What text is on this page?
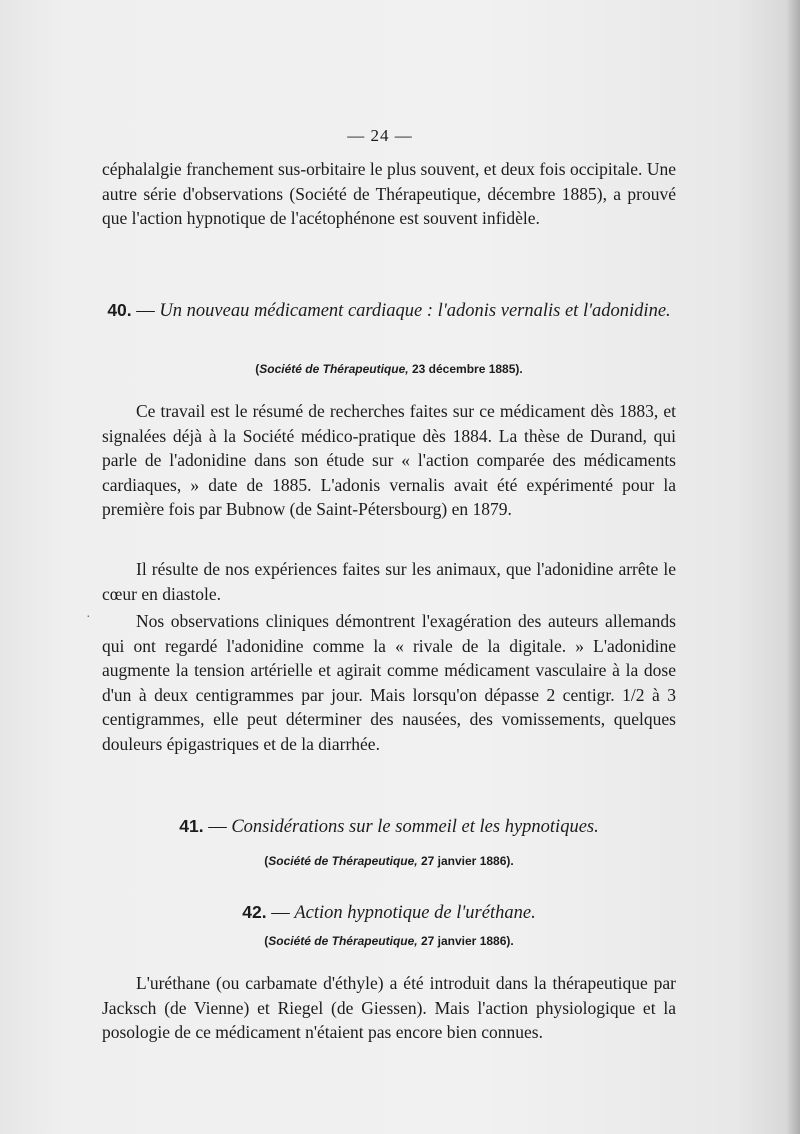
— 24 —

céphalalgie franchement sus-orbitaire le plus souvent, et deux fois occipitale. Une autre série d'observations (Société de Thérapeutique, décembre 1885), a prouvé que l'action hypnotique de l'acétophénone est souvent infidèle.

40. — Un nouveau médicament cardiaque : l'adonis vernalis et l'adonidine.

(Société de Thérapeutique, 23 décembre 1885).

Ce travail est le résumé de recherches faites sur ce médicament dès 1883, et signalées déjà à la Société médico-pratique dès 1884. La thèse de Durand, qui parle de l'adonidine dans son étude sur « l'action comparée des médicaments cardiaques, » date de 1885. L'adonis vernalis avait été expérimenté pour la première fois par Bubnow (de Saint-Pétersbourg) en 1879.

Il résulte de nos expériences faites sur les animaux, que l'adonidine arrête le cœur en diastole.

Nos observations cliniques démontrent l'exagération des auteurs allemands qui ont regardé l'adonidine comme la « rivale de la digitale. » L'adonidine augmente la tension artérielle et agirait comme médicament vasculaire à la dose d'un à deux centigrammes par jour. Mais lorsqu'on dépasse 2 centigr. 1/2 à 3 centigrammes, elle peut déterminer des nausées, des vomissements, quelques douleurs épigastriques et de la diarrhée.

41. — Considérations sur le sommeil et les hypnotiques.

(Société de Thérapeutique, 27 janvier 1886).

42. — Action hypnotique de l'uréthane.

(Société de Thérapeutique, 27 janvier 1886).

L'uréthane (ou carbamate d'éthyle) a été introduit dans la thérapeutique par Jacksch (de Vienne) et Riegel (de Giessen). Mais l'action physiologique et la posologie de ce médicament n'étaient pas encore bien connues.

·
